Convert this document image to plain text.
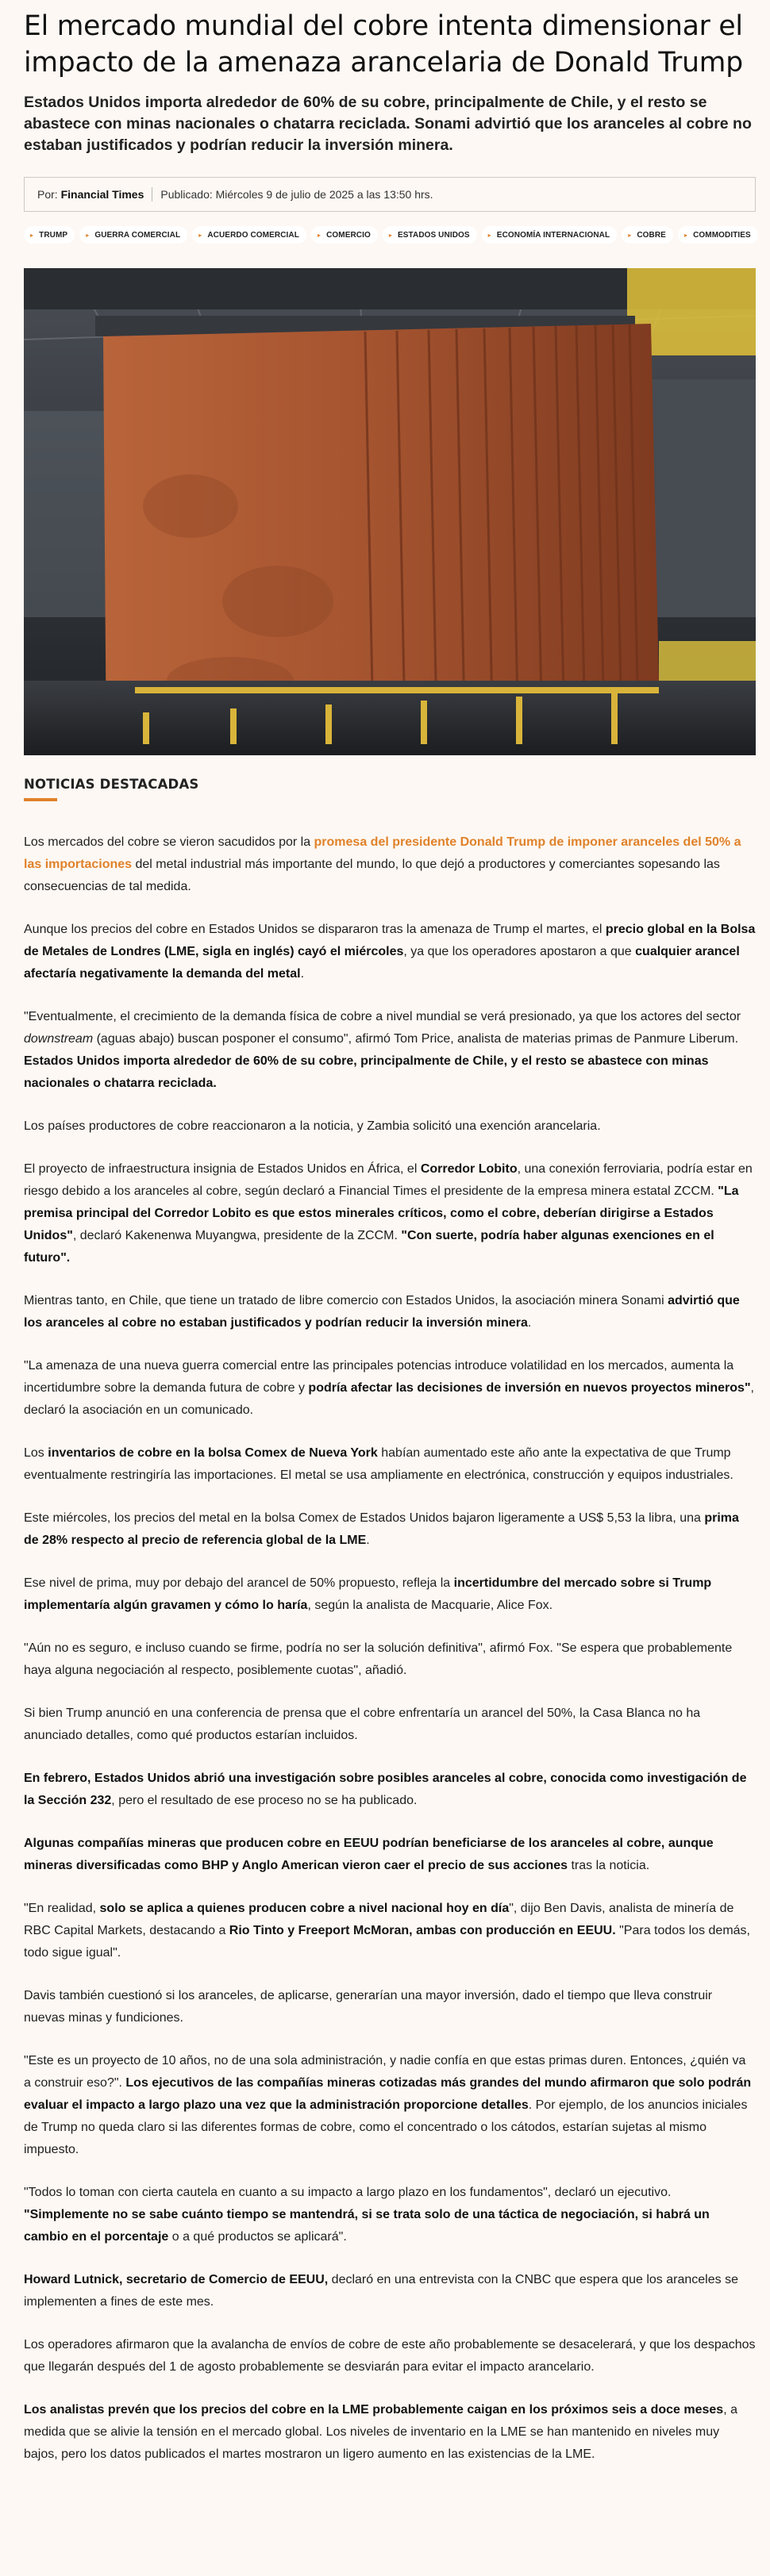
El mercado mundial del cobre intenta dimensionar el impacto de la amenaza arancelaria de Donald Trump

Estados Unidos importa alrededor de 60% de su cobre, principalmente de Chile, y el resto se abastece con minas nacionales o chatarra reciclada. Sonami advirtió que los aranceles al cobre no estaban justificados y podrían reducir la inversión minera.

Por: Financial Times Publicado: Miércoles 9 de julio de 2025 a las 13:50 hrs.
▸ TRUMP	▸ GUERRA COMERCIAL	▸ ACUERDO COMERCIAL	▸ COMERCIO	▸ ESTADOS UNIDOS	▸ ECONOMÍA INTERNACIONAL	▸ COBRE	▸ COMMODITIES
NOTICIAS DESTACADAS

Los mercados del cobre se vieron sacudidos por la promesa del presidente Donald Trump de imponer aranceles del 50% a las importaciones del metal industrial más importante del mundo, lo que dejó a productores y comerciantes sopesando las consecuencias de tal medida.

Aunque los precios del cobre en Estados Unidos se dispararon tras la amenaza de Trump el martes, el precio global en la Bolsa de Metales de Londres (LME, sigla en inglés) cayó el miércoles, ya que los operadores apostaron a que cualquier arancel afectaría negativamente la demanda del metal.

"Eventualmente, el crecimiento de la demanda física de cobre a nivel mundial se verá presionado, ya que los actores del sector downstream (aguas abajo) buscan posponer el consumo", afirmó Tom Price, analista de materias primas de Panmure Liberum. Estados Unidos importa alrededor de 60% de su cobre, principalmente de Chile, y el resto se abastece con minas nacionales o chatarra reciclada.

Los países productores de cobre reaccionaron a la noticia, y Zambia solicitó una exención arancelaria.

El proyecto de infraestructura insignia de Estados Unidos en África, el Corredor Lobito, una conexión ferroviaria, podría estar en riesgo debido a los aranceles al cobre, según declaró a Financial Times el presidente de la empresa minera estatal ZCCM. "La premisa principal del Corredor Lobito es que estos minerales críticos, como el cobre, deberían dirigirse a Estados Unidos", declaró Kakenenwa Muyangwa, presidente de la ZCCM. "Con suerte, podría haber algunas exenciones en el futuro".

Mientras tanto, en Chile, que tiene un tratado de libre comercio con Estados Unidos, la asociación minera Sonami advirtió que los aranceles al cobre no estaban justificados y podrían reducir la inversión minera.

"La amenaza de una nueva guerra comercial entre las principales potencias introduce volatilidad en los mercados, aumenta la incertidumbre sobre la demanda futura de cobre y podría afectar las decisiones de inversión en nuevos proyectos mineros", declaró la asociación en un comunicado.

Los inventarios de cobre en la bolsa Comex de Nueva York habían aumentado este año ante la expectativa de que Trump eventualmente restringiría las importaciones. El metal se usa ampliamente en electrónica, construcción y equipos industriales.

Este miércoles, los precios del metal en la bolsa Comex de Estados Unidos bajaron ligeramente a US$ 5,53 la libra, una prima de 28% respecto al precio de referencia global de la LME.

Ese nivel de prima, muy por debajo del arancel de 50% propuesto, refleja la incertidumbre del mercado sobre si Trump implementaría algún gravamen y cómo lo haría, según la analista de Macquarie, Alice Fox.

"Aún no es seguro, e incluso cuando se firme, podría no ser la solución definitiva", afirmó Fox. "Se espera que probablemente haya alguna negociación al respecto, posiblemente cuotas", añadió.

Si bien Trump anunció en una conferencia de prensa que el cobre enfrentaría un arancel del 50%, la Casa Blanca no ha anunciado detalles, como qué productos estarían incluidos.

En febrero, Estados Unidos abrió una investigación sobre posibles aranceles al cobre, conocida como investigación de la Sección 232, pero el resultado de ese proceso no se ha publicado.

Algunas compañías mineras que producen cobre en EEUU podrían beneficiarse de los aranceles al cobre, aunque mineras diversificadas como BHP y Anglo American vieron caer el precio de sus acciones tras la noticia.

"En realidad, solo se aplica a quienes producen cobre a nivel nacional hoy en día", dijo Ben Davis, analista de minería de RBC Capital Markets, destacando a Rio Tinto y Freeport McMoran, ambas con producción en EEUU. "Para todos los demás, todo sigue igual".

Davis también cuestionó si los aranceles, de aplicarse, generarían una mayor inversión, dado el tiempo que lleva construir nuevas minas y fundiciones.

"Este es un proyecto de 10 años, no de una sola administración, y nadie confía en que estas primas duren. Entonces, ¿quién va a construir eso?". Los ejecutivos de las compañías mineras cotizadas más grandes del mundo afirmaron que solo podrán evaluar el impacto a largo plazo una vez que la administración proporcione detalles. Por ejemplo, de los anuncios iniciales de Trump no queda claro si las diferentes formas de cobre, como el concentrado o los cátodos, estarían sujetas al mismo impuesto.

"Todos lo toman con cierta cautela en cuanto a su impacto a largo plazo en los fundamentos", declaró un ejecutivo. "Simplemente no se sabe cuánto tiempo se mantendrá, si se trata solo de una táctica de negociación, si habrá un cambio en el porcentaje o a qué productos se aplicará".

Howard Lutnick, secretario de Comercio de EEUU, declaró en una entrevista con la CNBC que espera que los aranceles se implementen a fines de este mes.

Los operadores afirmaron que la avalancha de envíos de cobre de este año probablemente se desacelerará, y que los despachos que llegarán después del 1 de agosto probablemente se desviarán para evitar el impacto arancelario.

Los analistas prevén que los precios del cobre en la LME probablemente caigan en los próximos seis a doce meses, a medida que se alivie la tensión en el mercado global. Los niveles de inventario en la LME se han mantenido en niveles muy bajos, pero los datos publicados el martes mostraron un ligero aumento en las existencias de la LME.
